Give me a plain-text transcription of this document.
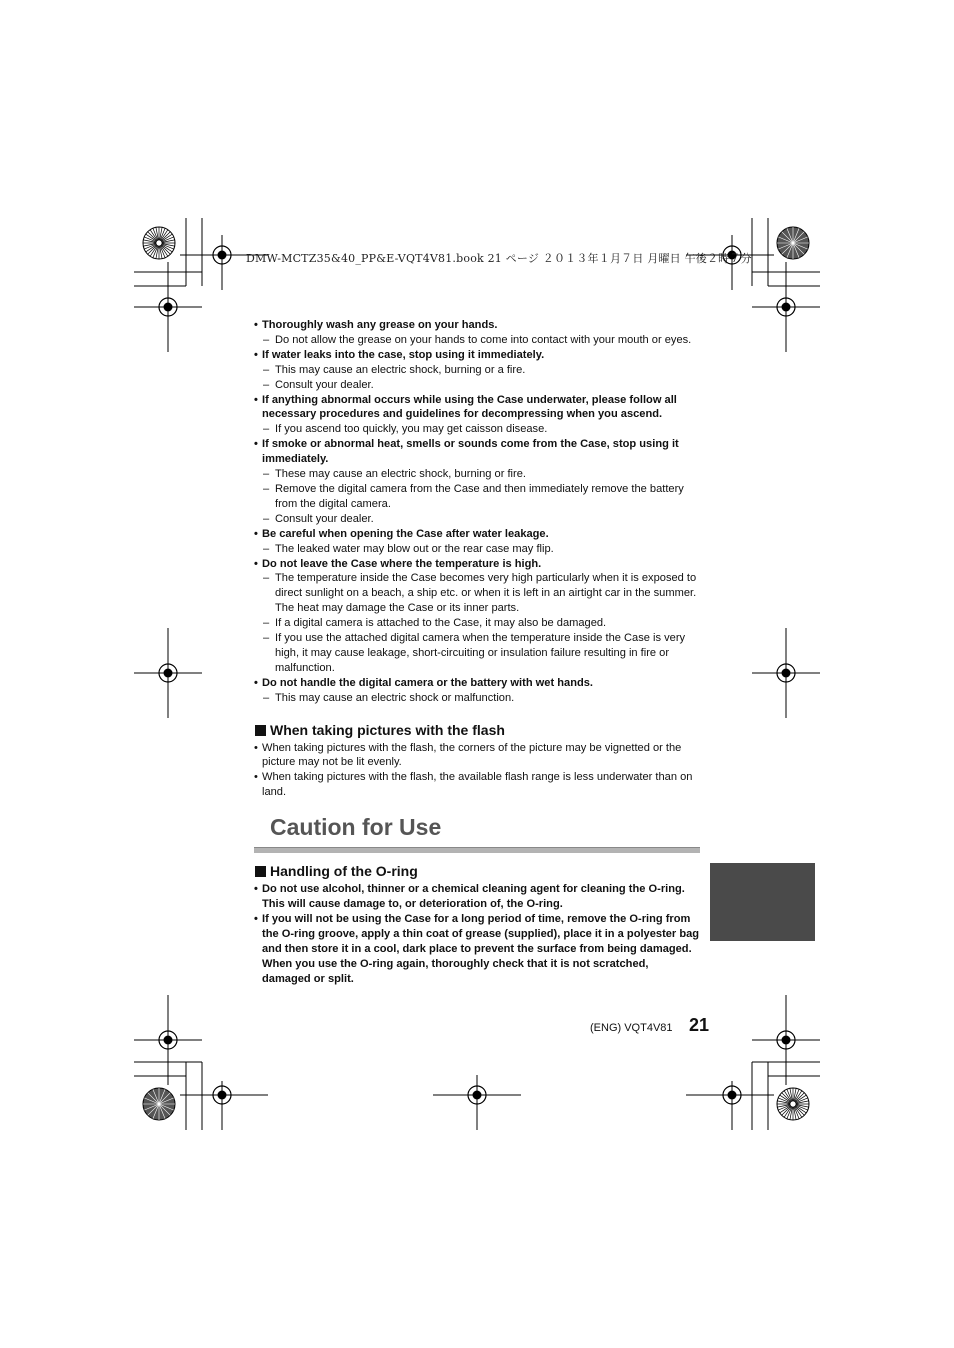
DMW-MCTZ35&40_PP&E-VQT4V81.book 21 ページ ２０１３年１月７日 月曜日 午後２時７分
• Thoroughly wash any grease on your hands.
– Do not allow the grease on your hands to come into contact with your mouth or eyes.
• If water leaks into the case, stop using it immediately.
– This may cause an electric shock, burning or a fire.
– Consult your dealer.
• If anything abnormal occurs while using the Case underwater, please follow all necessary procedures and guidelines for decompressing when you ascend.
– If you ascend too quickly, you may get caisson disease.
• If smoke or abnormal heat, smells or sounds come from the Case, stop using it immediately.
– These may cause an electric shock, burning or fire.
– Remove the digital camera from the Case and then immediately remove the battery from the digital camera.
– Consult your dealer.
• Be careful when opening the Case after water leakage.
– The leaked water may blow out or the rear case may flip.
• Do not leave the Case where the temperature is high.
– The temperature inside the Case becomes very high particularly when it is exposed to direct sunlight on a beach, a ship etc. or when it is left in an airtight car in the summer. The heat may damage the Case or its inner parts.
– If a digital camera is attached to the Case, it may also be damaged.
– If you use the attached digital camera when the temperature inside the Case is very high, it may cause leakage, short-circuiting or insulation failure resulting in fire or malfunction.
• Do not handle the digital camera or the battery with wet hands.
– This may cause an electric shock or malfunction.
When taking pictures with the flash
• When taking pictures with the flash, the corners of the picture may be vignetted or the picture may not be lit evenly.
• When taking pictures with the flash, the available flash range is less underwater than on land.
Caution for Use
Handling of the O-ring
• Do not use alcohol, thinner or a chemical cleaning agent for cleaning the O-ring. This will cause damage to, or deterioration of, the O-ring.
• If you will not be using the Case for a long period of time, remove the O-ring from the O-ring groove, apply a thin coat of grease (supplied), place it in a polyester bag and then store it in a cool, dark place to prevent the surface from being damaged. When you use the O-ring again, thoroughly check that it is not scratched, damaged or split.
(ENG) VQT4V81 21
